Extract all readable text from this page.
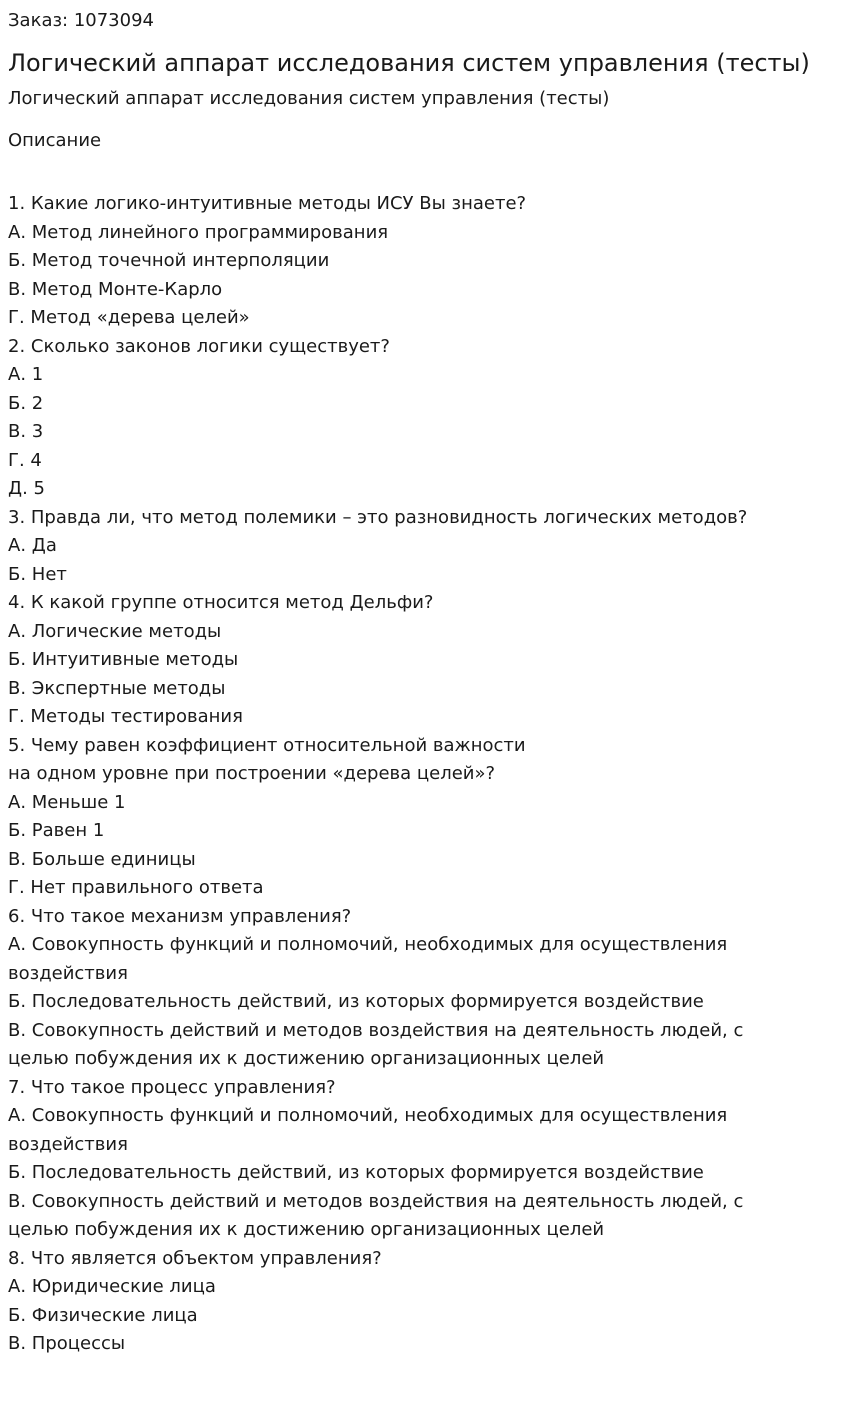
Заказ: 1073094

Логический аппарат исследования систем управления (тесты)

Логический аппарат исследования систем управления (тесты)

Описание

1. Какие логико-интуитивные методы ИСУ Вы знаете?
А. Метод линейного программирования
Б. Метод точечной интерполяции
В. Метод Монте-Карло
Г. Метод «дерева целей»
2. Сколько законов логики существует?
А. 1
Б. 2
В. 3
Г. 4
Д. 5
3. Правда ли, что метод полемики – это разновидность логических методов?
А. Да
Б. Нет
4. К какой группе относится метод Дельфи?
А. Логические методы
Б. Интуитивные методы
В. Экспертные методы
Г. Методы тестирования
5. Чему равен коэффициент относительной важности
на одном уровне при построении «дерева целей»?
А. Меньше 1
Б. Равен 1
В. Больше единицы
Г. Нет правильного ответа
6. Что такое механизм управления?
А. Совокупность функций и полномочий, необходимых для осуществления
воздействия
Б. Последовательность действий, из которых формируется воздействие
В. Совокупность действий и методов воздействия на деятельность людей, с
целью побуждения их к достижению организационных целей
7. Что такое процесс управления?
А. Совокупность функций и полномочий, необходимых для осуществления
воздействия
Б. Последовательность действий, из которых формируется воздействие
В. Совокупность действий и методов воздействия на деятельность людей, с
целью побуждения их к достижению организационных целей
8. Что является объектом управления?
А. Юридические лица
Б. Физические лица
В. Процессы
